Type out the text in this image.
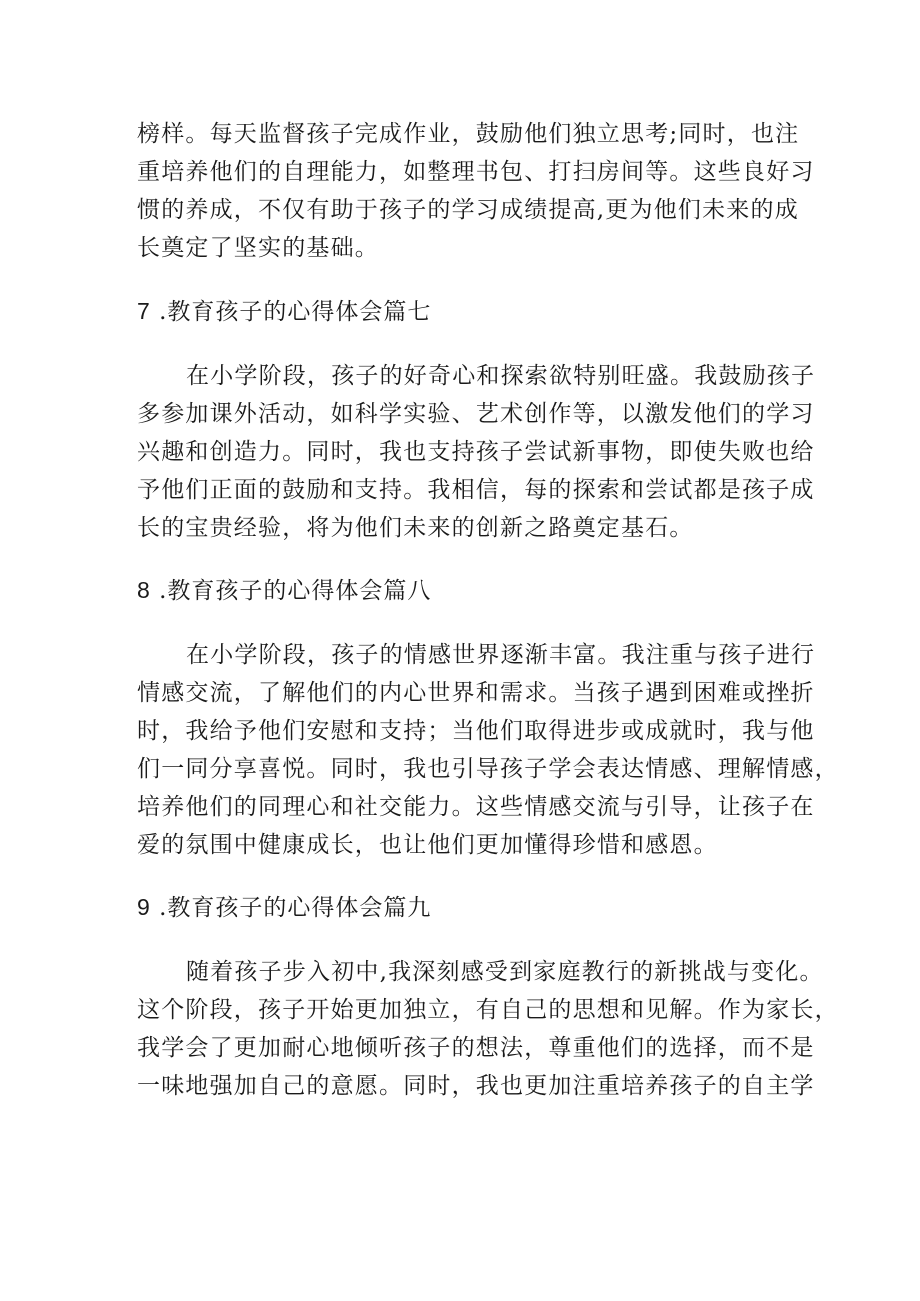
榜样。每天监督孩子完成作业，鼓励他们独立思考;同时，也注
重培养他们的自理能力，如整理书包、打扫房间等。这些良好习
惯的养成，不仅有助于孩子的学习成绩提高,更为他们未来的成
长奠定了坚实的基础。
7 .教育孩子的心得体会篇七
在小学阶段，孩子的好奇心和探索欲特别旺盛。我鼓励孩子
多参加课外活动，如科学实验、艺术创作等，以激发他们的学习
兴趣和创造力。同时，我也支持孩子尝试新事物，即使失败也给
予他们正面的鼓励和支持。我相信，每的探索和尝试都是孩子成
长的宝贵经验，将为他们未来的创新之路奠定基石。
8 .教育孩子的心得体会篇八
在小学阶段，孩子的情感世界逐渐丰富。我注重与孩子进行
情感交流，了解他们的内心世界和需求。当孩子遇到困难或挫折
时，我给予他们安慰和支持；当他们取得进步或成就时，我与他
们一同分享喜悦。同时，我也引导孩子学会表达情感、理解情感，
培养他们的同理心和社交能力。这些情感交流与引导，让孩子在
爱的氛围中健康成长，也让他们更加懂得珍惜和感恩。
9 .教育孩子的心得体会篇九
随着孩子步入初中,我深刻感受到家庭教行的新挑战与变化。
这个阶段，孩子开始更加独立，有自己的思想和见解。作为家长，
我学会了更加耐心地倾听孩子的想法，尊重他们的选择，而不是
一味地强加自己的意愿。同时，我也更加注重培养孩子的自主学
